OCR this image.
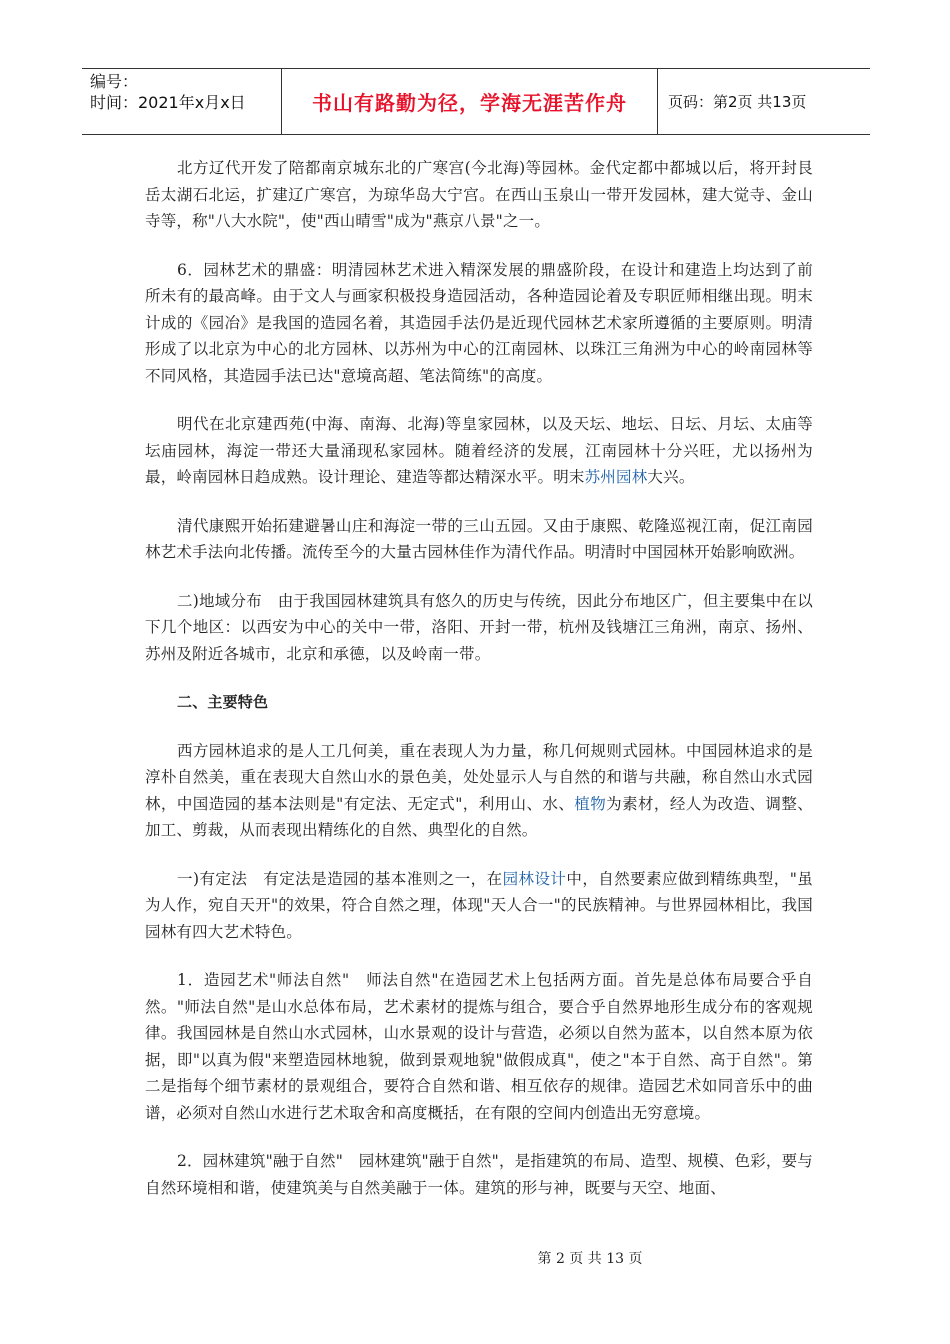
编号：
时间：2021年x月x日	书山有路勤为径，学海无涯苦作舟	页码：第2页 共13页

北方辽代开发了陪都南京城东北的广寒宫(今北海)等园林。金代定都中都城以后，将开封艮岳太湖石北运，扩建辽广寒宫，为琼华岛大宁宫。在西山玉泉山一带开发园林，建大觉寺、金山寺等，称"八大水院"，使"西山晴雪"成为"燕京八景"之一。

6．园林艺术的鼎盛：明清园林艺术进入精深发展的鼎盛阶段，在设计和建造上均达到了前所未有的最高峰。由于文人与画家积极投身造园活动，各种造园论着及专职匠师相继出现。明末计成的《园冶》是我国的造园名着，其造园手法仍是近现代园林艺术家所遵循的主要原则。明清形成了以北京为中心的北方园林、以苏州为中心的江南园林、以珠江三角洲为中心的岭南园林等不同风格，其造园手法已达"意境高超、笔法简练"的高度。

明代在北京建西苑(中海、南海、北海)等皇家园林，以及天坛、地坛、日坛、月坛、太庙等坛庙园林，海淀一带还大量涌现私家园林。随着经济的发展，江南园林十分兴旺，尤以扬州为最，岭南园林日趋成熟。设计理论、建造等都达精深水平。明末苏州园林大兴。

清代康熙开始拓建避暑山庄和海淀一带的三山五园。又由于康熙、乾隆巡视江南，促江南园林艺术手法向北传播。流传至今的大量古园林佳作为清代作品。明清时中国园林开始影响欧洲。

二)地域分布　由于我国园林建筑具有悠久的历史与传统，因此分布地区广，但主要集中在以下几个地区：以西安为中心的关中一带，洛阳、开封一带，杭州及钱塘江三角洲，南京、扬州、苏州及附近各城市，北京和承德，以及岭南一带。

二、主要特色

西方园林追求的是人工几何美，重在表现人为力量，称几何规则式园林。中国园林追求的是淳朴自然美，重在表现大自然山水的景色美，处处显示人与自然的和谐与共融，称自然山水式园林，中国造园的基本法则是"有定法、无定式"，利用山、水、植物为素材，经人为改造、调整、加工、剪裁，从而表现出精练化的自然、典型化的自然。

一)有定法　有定法是造园的基本准则之一，在园林设计中，自然要素应做到精练典型，"虽为人作，宛自天开"的效果，符合自然之理，体现"天人合一"的民族精神。与世界园林相比，我国园林有四大艺术特色。

1．造园艺术"师法自然"　师法自然"在造园艺术上包括两方面。首先是总体布局要合乎自然。"师法自然"是山水总体布局，艺术素材的提炼与组合，要合乎自然界地形生成分布的客观规律。我国园林是自然山水式园林，山水景观的设计与营造，必须以自然为蓝本，以自然本原为依据，即"以真为假"来塑造园林地貌，做到景观地貌"做假成真"，使之"本于自然、高于自然"。第二是指每个细节素材的景观组合，要符合自然和谐、相互依存的规律。造园艺术如同音乐中的曲谱，必须对自然山水进行艺术取舍和高度概括，在有限的空间内创造出无穷意境。

2．园林建筑"融于自然"　园林建筑"融于自然"，是指建筑的布局、造型、规模、色彩，要与自然环境相和谐，使建筑美与自然美融于一体。建筑的形与神，既要与天空、地面、

第 2 页 共 13 页
